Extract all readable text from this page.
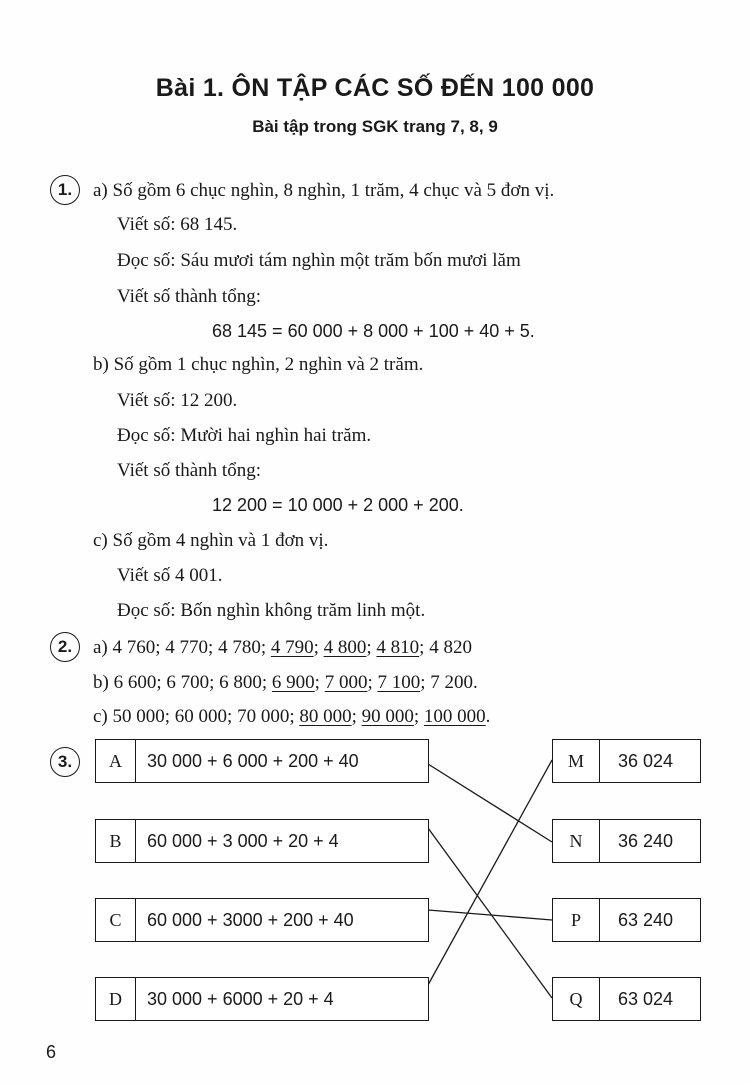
Bài 1. ÔN TẬP CÁC SỐ ĐẾN 100 000
Bài tập trong SGK trang 7, 8, 9
1.	a) Số gồm 6 chục nghìn, 8 nghìn, 1 trăm, 4 chục và 5 đơn vị.
Viết số: 68 145.
Đọc số: Sáu mươi tám nghìn một trăm bốn mươi lăm
Viết số thành tổng:
68 145 = 60 000 + 8 000 + 100 + 40 + 5.
b) Số gồm 1 chục nghìn, 2 nghìn và 2 trăm.
Viết số: 12 200.
Đọc số: Mười hai nghìn hai trăm.
Viết số thành tổng:
12 200 = 10 000 + 2 000 + 200.
c) Số gồm 4 nghìn và 1 đơn vị.
Viết số 4 001.
Đọc số: Bốn nghìn không trăm linh một.
2.	a) 4 760; 4 770; 4 780; 4 790; 4 800; 4 810; 4 820
b) 6 600; 6 700; 6 800; 6 900; 7 000; 7 100; 7 200.
c) 50 000; 60 000; 70 000; 80 000; 90 000; 100 000.
3.	A	30 000 + 6 000 + 200 + 40
B	60 000 + 3 000 + 20 + 4
C	60 000 + 3000 + 200 + 40
D	30 000 + 6000 + 20 + 4
M	36 024
N	36 240
P	63 240
Q	63 024
6
